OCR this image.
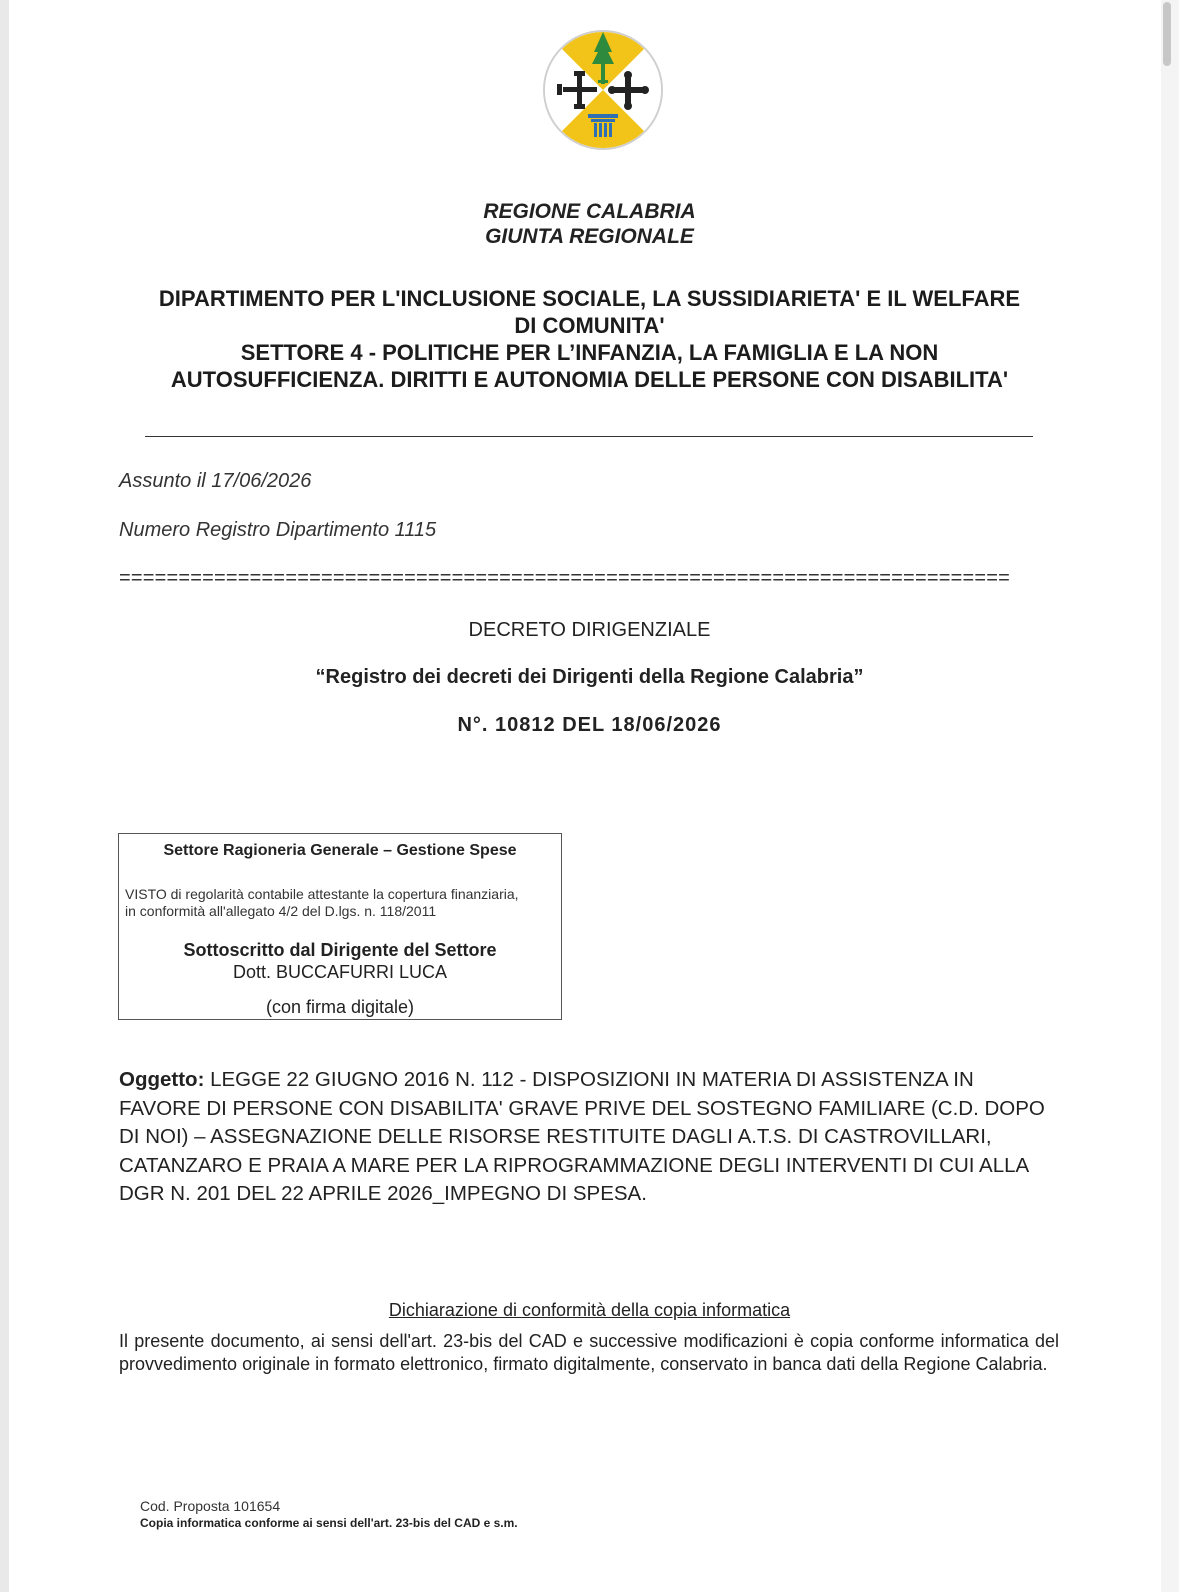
REGIONE CALABRIA
GIUNTA REGIONALE
DIPARTIMENTO PER L'INCLUSIONE SOCIALE, LA SUSSIDIARIETA' E IL WELFARE
DI COMUNITA'
SETTORE 4 - POLITICHE PER L’INFANZIA, LA FAMIGLIA E LA NON
AUTOSUFFICIENZA. DIRITTI E AUTONOMIA DELLE PERSONE CON DISABILITA'
Assunto il 17/06/2026
Numero Registro Dipartimento 1115
===========================================================================
DECRETO DIRIGENZIALE
“Registro dei decreti dei Dirigenti della Regione Calabria”
N°. 10812 DEL 18/06/2026
Settore Ragioneria Generale – Gestione Spese
VISTO di regolarità contabile attestante la copertura finanziaria,
in conformità all'allegato 4/2 del D.lgs. n. 118/2011
Sottoscritto dal Dirigente del Settore
Dott. BUCCAFURRI LUCA
(con firma digitale)
Oggetto: LEGGE 22 GIUGNO 2016 N. 112 - DISPOSIZIONI IN MATERIA DI ASSISTENZA IN FAVORE DI PERSONE CON DISABILITA' GRAVE PRIVE DEL SOSTEGNO FAMILIARE (C.D. DOPO DI NOI) – ASSEGNAZIONE DELLE RISORSE RESTITUITE DAGLI A.T.S. DI CASTROVILLARI, CATANZARO E PRAIA A MARE PER LA RIPROGRAMMAZIONE DEGLI INTERVENTI DI CUI ALLA DGR N. 201 DEL 22 APRILE 2026_IMPEGNO DI SPESA.
Dichiarazione di conformità della copia informatica
Il presente documento, ai sensi dell'art. 23-bis del CAD e successive modificazioni è copia conforme informatica del provvedimento originale in formato elettronico, firmato digitalmente, conservato in banca dati della Regione Calabria.
Cod. Proposta 101654
Copia informatica conforme ai sensi dell'art. 23-bis del CAD e s.m.
